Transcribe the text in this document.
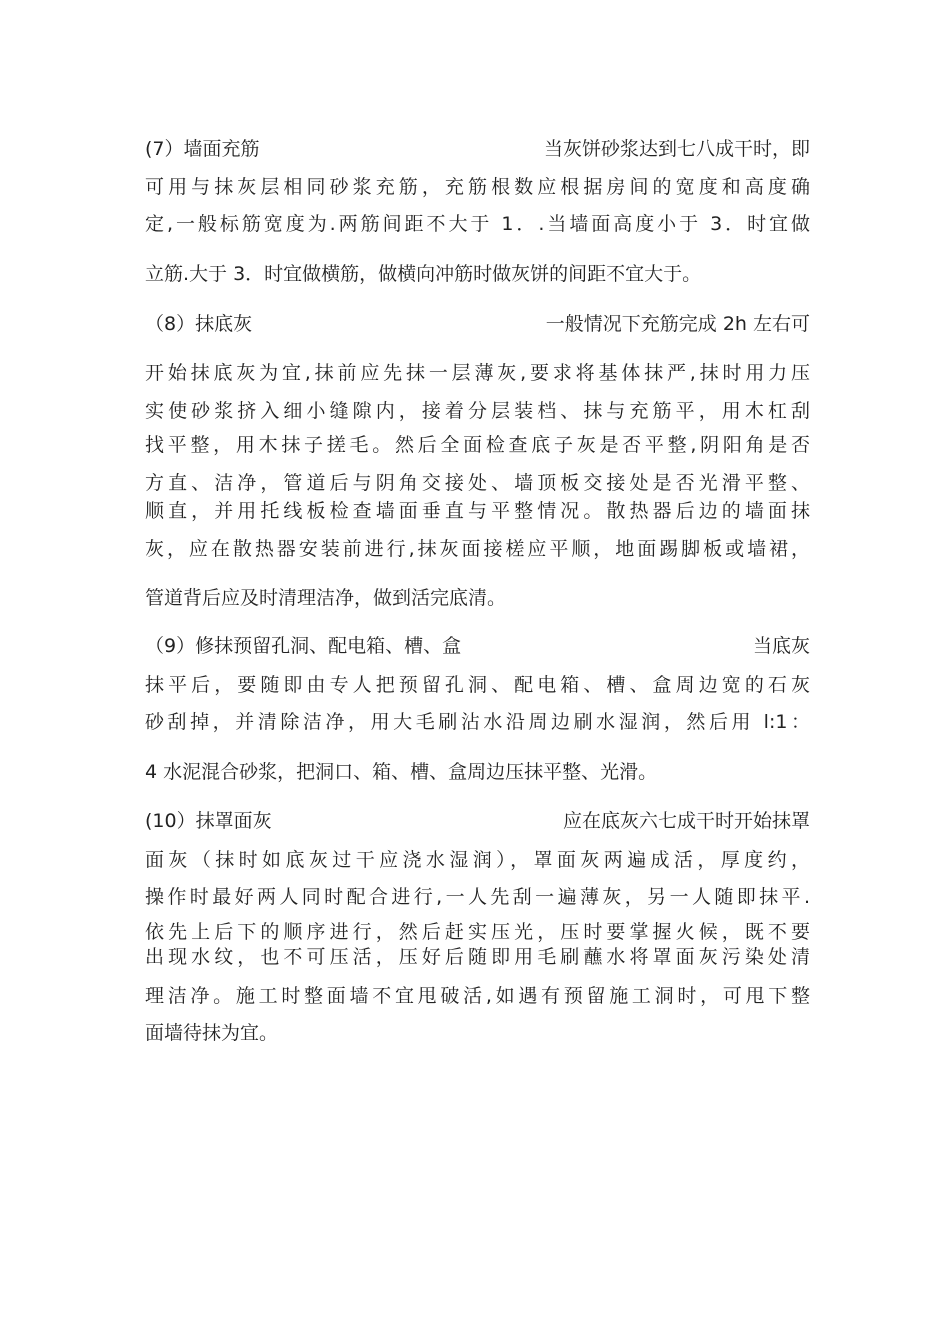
(7）墙面充筋	当灰饼砂浆达到七八成干时，即
可用与抹灰层相同砂浆充筋，充筋根数应根据房间的宽度和高度确
定,一般标筋宽度为.两筋间距不大于 1．.当墙面高度小于 3．时宜做
立筋.大于 3．时宜做横筋，做横向冲筋时做灰饼的间距不宜大于。
（8）抹底灰	一般情况下充筋完成 2h 左右可
开始抹底灰为宜,抹前应先抹一层薄灰,要求将基体抹严,抹时用力压
实使砂浆挤入细小缝隙内，接着分层装档、抹与充筋平，用木杠刮
找平整，用木抹子搓毛。然后全面检查底子灰是否平整,阴阳角是否
方直、洁净，管道后与阴角交接处、墙顶板交接处是否光滑平整、
顺直，并用托线板检查墙面垂直与平整情况。散热器后边的墙面抹
灰，应在散热器安装前进行,抹灰面接槎应平顺，地面踢脚板或墙裙，
管道背后应及时清理洁净，做到活完底清。
（9）修抹预留孔洞、配电箱、槽、盒	当底灰
抹平后，要随即由专人把预留孔洞、配电箱、槽、盒周边宽的石灰
砂刮掉，并清除洁净，用大毛刷沾水沿周边刷水湿润，然后用 l:1：
4 水泥混合砂浆，把洞口、箱、槽、盒周边压抹平整、光滑。
(10）抹罩面灰	应在底灰六七成干时开始抹罩
面灰（抹时如底灰过干应浇水湿润），罩面灰两遍成活，厚度约，
操作时最好两人同时配合进行,一人先刮一遍薄灰，另一人随即抹平.
依先上后下的顺序进行，然后赶实压光，压时要掌握火候，既不要
出现水纹，也不可压活，压好后随即用毛刷蘸水将罩面灰污染处清
理洁净。施工时整面墙不宜甩破活,如遇有预留施工洞时，可甩下整
面墙待抹为宜。
